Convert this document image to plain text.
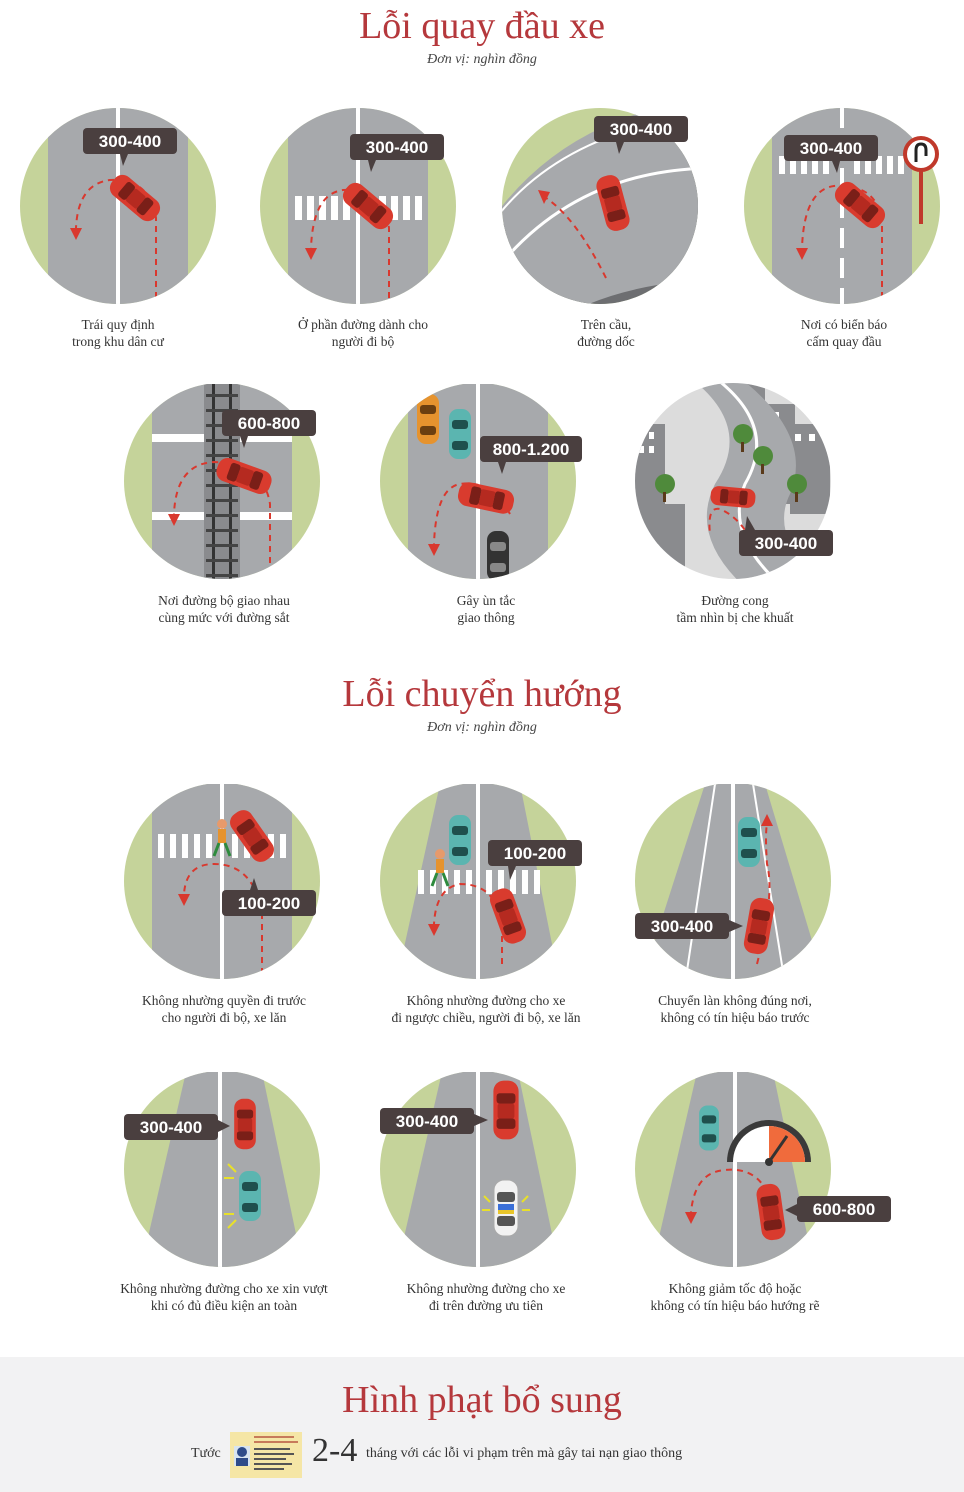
Lỗi quay đầu xe
Đơn vị: nghìn đồng
300-400
Trái quy định
trong khu dân cư
300-400
Ở phần đường dành cho
người đi bộ
300-400
Trên cầu,
đường dốc
300-400
Nơi có biển báo
cấm quay đầu
600-800
Nơi đường bộ giao nhau
cùng mức với đường sắt
800-1.200
Gây ùn tắc
giao thông
300-400
Đường cong
tầm nhìn bị che khuất
Lỗi chuyển hướng
Đơn vị: nghìn đồng
100-200
Không nhường quyền đi trước
cho người đi bộ, xe lăn
100-200
Không nhường đường cho xe
đi ngược chiều, người đi bộ, xe lăn
300-400
Chuyển làn không đúng nơi,
không có tín hiệu báo trước
300-400
Không nhường đường cho xe xin vượt
khi có đủ điều kiện an toàn
300-400
Không nhường đường cho xe
đi trên đường ưu tiên
600-800
Không giảm tốc độ hoặc
không có tín hiệu báo hướng rẽ
Hình phạt bổ sung
Tước	2-4 tháng với các lỗi vi phạm trên mà gây tai nạn giao thông
